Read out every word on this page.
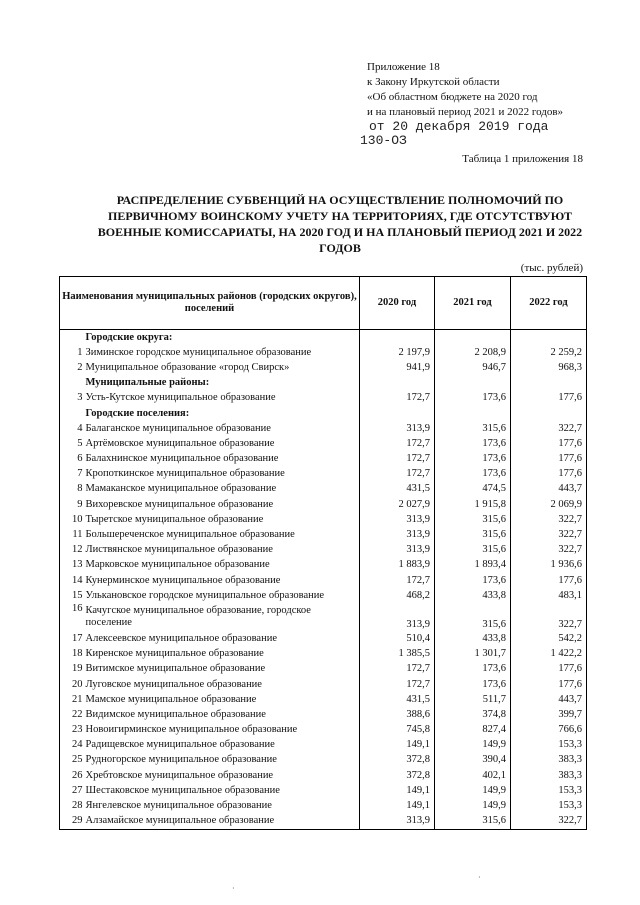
Приложение 18
к Закону Иркутской области
«Об областном бюджете на 2020 год
и на плановый период 2021 и 2022 годов»
от 20 декабря 2019 года
130-ОЗ
Таблица 1 приложения 18
РАСПРЕДЕЛЕНИЕ СУБВЕНЦИЙ НА ОСУЩЕСТВЛЕНИЕ ПОЛНОМОЧИЙ ПО ПЕРВИЧНОМУ ВОИНСКОМУ УЧЕТУ НА ТЕРРИТОРИЯХ, ГДЕ ОТСУТСТВУЮТ ВОЕННЫЕ КОМИССАРИАТЫ, НА 2020 ГОД И НА ПЛАНОВЫЙ ПЕРИОД 2021 И 2022 ГОДОВ
(тыс. рублей)
Наименования муниципальных районов (городских округов), поселений		2020 год	2021 год	2022 год
	Городские округа:			
1	Зиминское городское муниципальное образование	2 197,9	2 208,9	2 259,2
2	Муниципальное образование «город Свирск»	941,9	946,7	968,3
	Муниципальные районы:			
3	Усть-Кутское муниципальное образование	172,7	173,6	177,6
	Городские поселения:			
4	Балаганское муниципальное образование	313,9	315,6	322,7
5	Артёмовское муниципальное образование	172,7	173,6	177,6
6	Балахнинское муниципальное образование	172,7	173,6	177,6
7	Кропоткинское муниципальное образование	172,7	173,6	177,6
8	Мамаканское муниципальное образование	431,5	474,5	443,7
9	Вихоревское муниципальное образование	2 027,9	1 915,8	2 069,9
10	Тыретское муниципальное образование	313,9	315,6	322,7
11	Большереченское муниципальное образование	313,9	315,6	322,7
12	Листвянское муниципальное образование	313,9	315,6	322,7
13	Марковское муниципальное образование	1 883,9	1 893,4	1 936,6
14	Кунерминское муниципальное образование	172,7	173,6	177,6
15	Улькановское городское муниципальное образование	468,2	433,8	483,1
16	Качугское муниципальное образование, городское поселение	313,9	315,6	322,7
17	Алексеевское муниципальное образование	510,4	433,8	542,2
18	Киренское муниципальное образование	1 385,5	1 301,7	1 422,2
19	Витимское муниципальное образование	172,7	173,6	177,6
20	Луговское муниципальное образование	172,7	173,6	177,6
21	Мамское муниципальное образование	431,5	511,7	443,7
22	Видимское муниципальное образование	388,6	374,8	399,7
23	Новоигирминское муниципальное образование	745,8	827,4	766,6
24	Радищевское муниципальное образование	149,1	149,9	153,3
25	Рудногорское муниципальное образование	372,8	390,4	383,3
26	Хребтовское муниципальное образование	372,8	402,1	383,3
27	Шестаковское муниципальное образование	149,1	149,9	153,3
28	Янгелевское муниципальное образование	149,1	149,9	153,3
29	Алзамайское муниципальное образование	313,9	315,6	322,7
·
·
